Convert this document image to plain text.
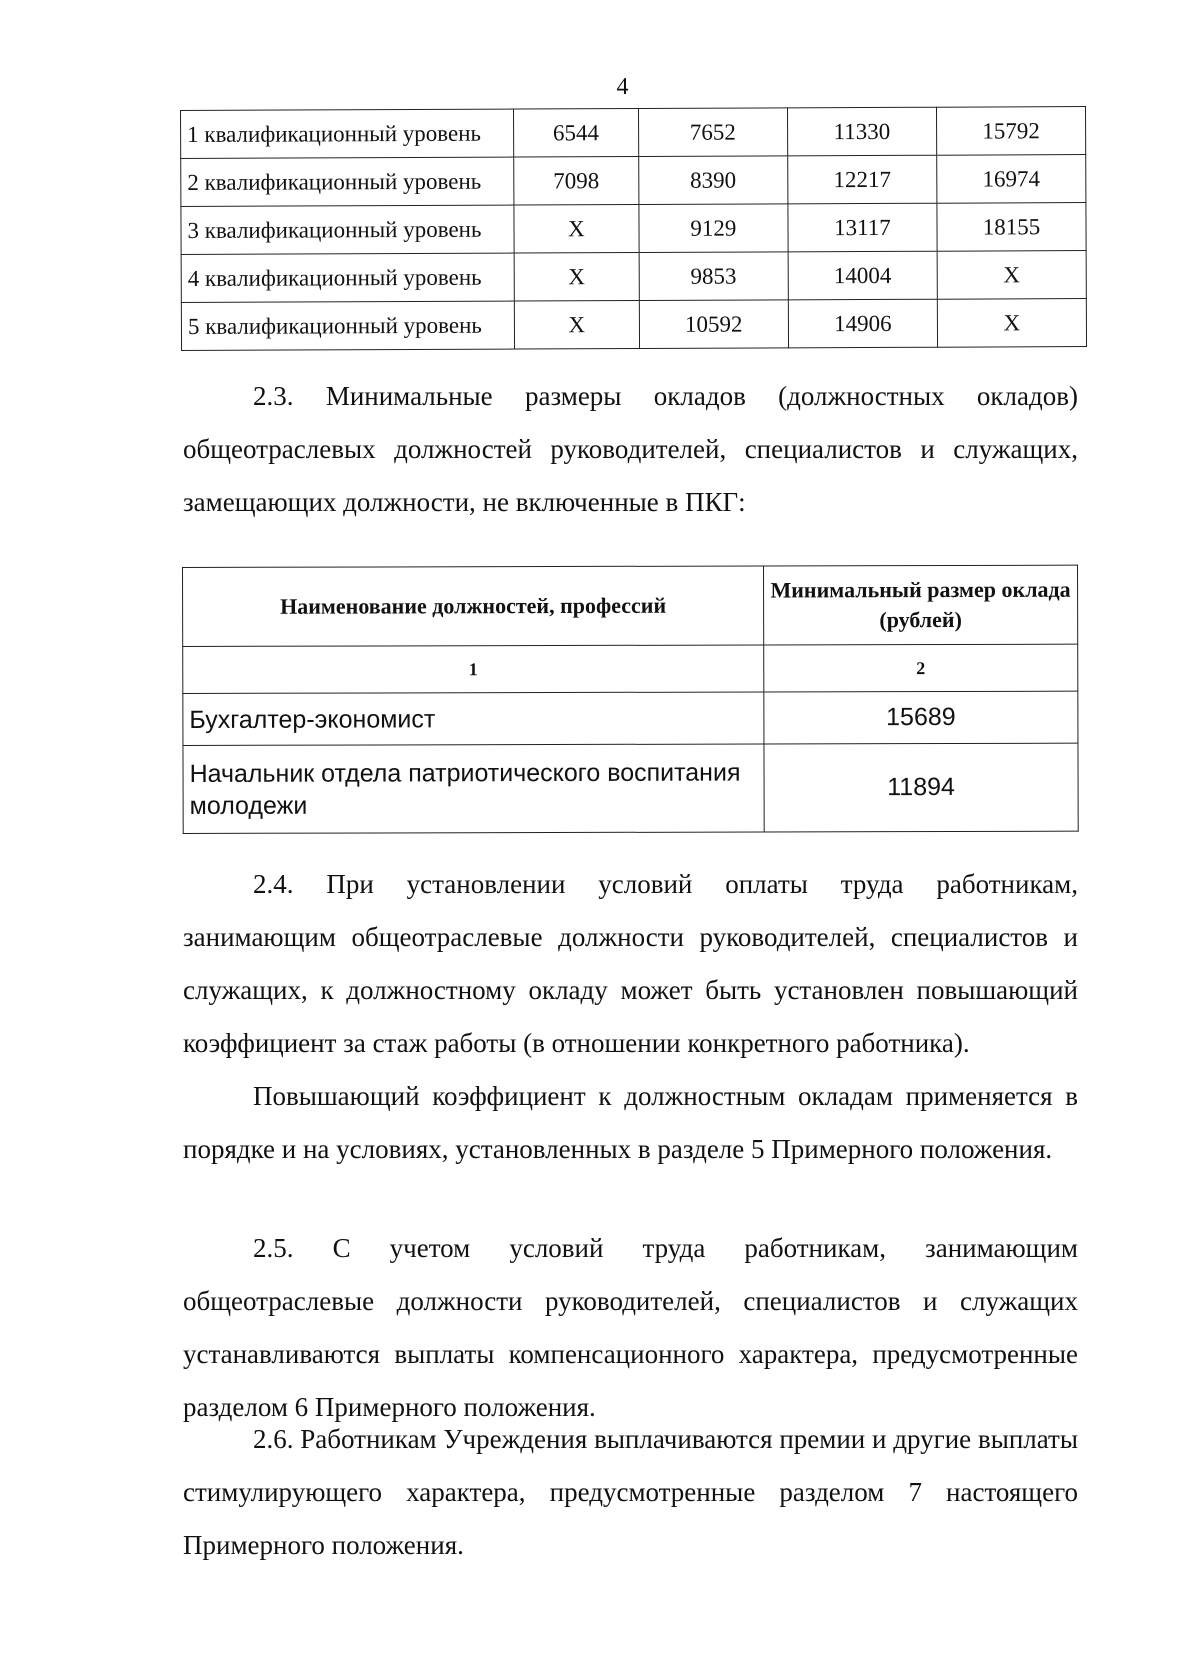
4
1 квалификационный уровень	6544	7652	11330	15792
2 квалификационный уровень	7098	8390	12217	16974
3 квалификационный уровень	Х	9129	13117	18155
4 квалификационный уровень	Х	9853	14004	Х
5 квалификационный уровень	Х	10592	14906	Х
2.3. Минимальные размеры окладов (должностных окладов) общеотраслевых должностей руководителей, специалистов и служащих, замещающих должности, не включенные в ПКГ:
Наименование должностей, профессий	Минимальный размер оклада (рублей)
1	2
Бухгалтер-экономист	15689
Начальник отдела патриотического воспитания молодежи	11894
2.4. При установлении условий оплаты труда работникам, занимающим общеотраслевые должности руководителей, специалистов и служащих, к должностному окладу может быть установлен повышающий коэффициент за стаж работы (в отношении конкретного работника).
Повышающий коэффициент к должностным окладам применяется в порядке и на условиях, установленных в разделе 5 Примерного положения.
2.5. С учетом условий труда работникам, занимающим общеотраслевые должности руководителей, специалистов и служащих устанавливаются выплаты компенсационного характера, предусмотренные разделом 6 Примерного положения.
2.6. Работникам Учреждения выплачиваются премии и другие выплаты стимулирующего характера, предусмотренные разделом 7 настоящего Примерного положения.
